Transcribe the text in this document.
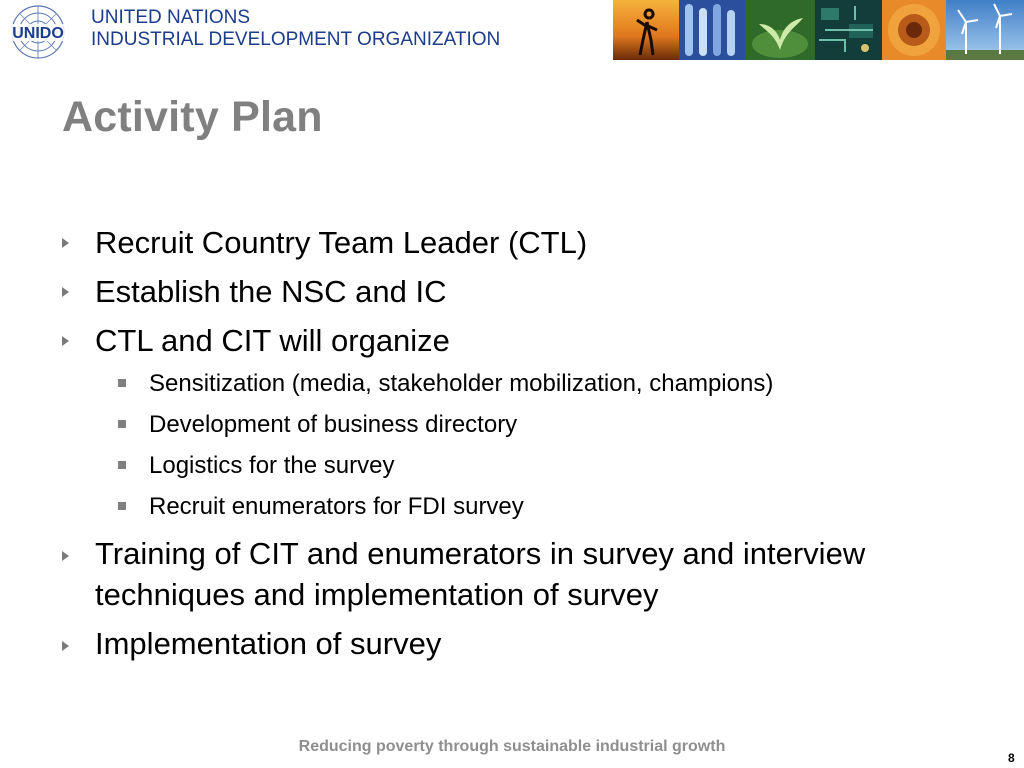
UNIDO
UNITED NATIONS
INDUSTRIAL DEVELOPMENT ORGANIZATION
Activity Plan
Recruit Country Team Leader (CTL)
Establish the NSC and IC
CTL and CIT will organize
Sensitization (media, stakeholder mobilization, champions)
Development of business directory
Logistics for the survey
Recruit enumerators for FDI survey
Training of CIT and enumerators in survey and interview
techniques and implementation of survey
Implementation of survey
Reducing poverty through sustainable industrial growth
8
